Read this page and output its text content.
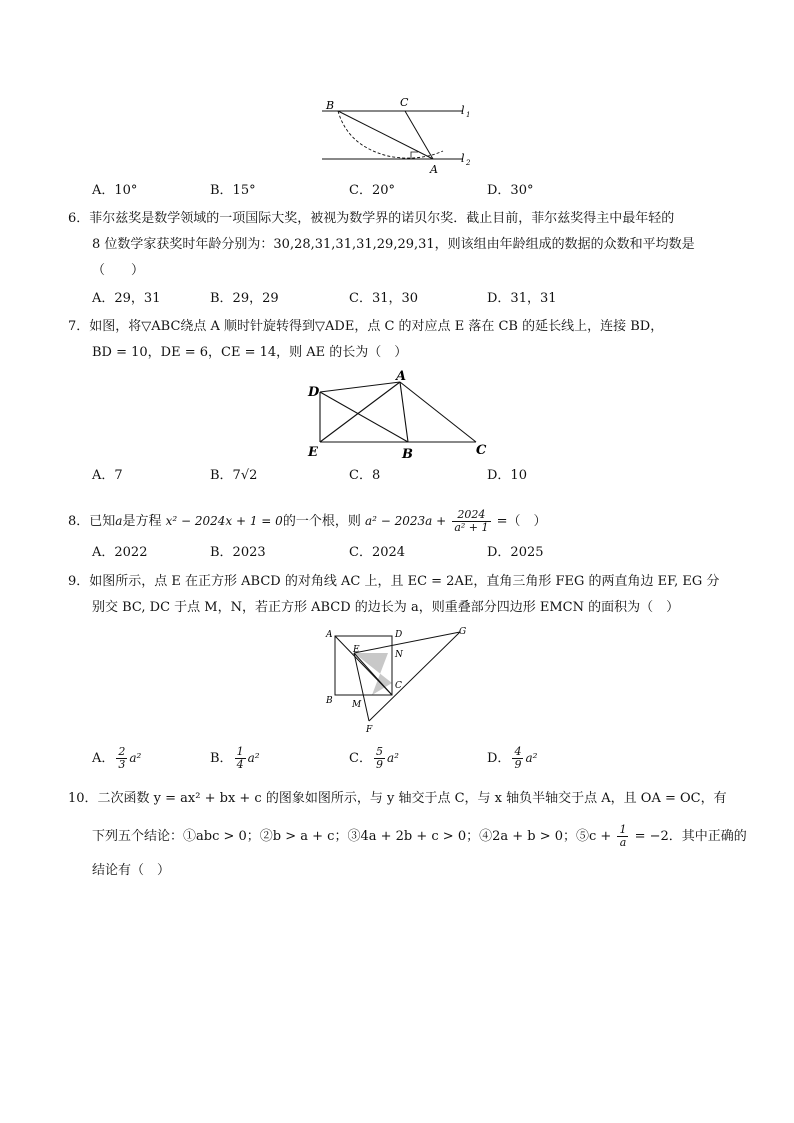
B	C
A
l 1
l 2
A．10°	B．15°	C．20°	D．30°
6．菲尔兹奖是数学领域的一项国际大奖，被视为数学界的诺贝尔奖．截止目前，菲尔兹奖得主中最年轻的
8 位数学家获奖时年龄分别为：30,28,31,31,31,29,29,31，则该组由年龄组成的数据的众数和平均数是
（　　）
A．29，31	B．29，29	C．31，30	D．31，31
7．如图，将▽ABC绕点 A 顺时针旋转得到▽ADE，点 C 的对应点 E 落在 CB 的延长线上，连接 BD，
BD = 10，DE = 6，CE = 14，则 AE 的长为（　）
D
A
E	B	C
A．7	B．7√2	C．8	D．10
8．已知a是方程 x² − 2024x + 1 = 0的一个根，则 $a^2 - 2023a + \frac{2024}{\text{a² + 1}}$ =（　）
A．2022	B．2023	C．2024	D．2025
9．如图所示，点 E 在正方形 ABCD 的对角线 AC 上，且 EC = 2AE，直角三角形 FEG 的两直角边 EF, EG 分
别交 BC, DC 于点 M，N，若正方形 ABCD 的边长为 a，则重叠部分四边形 EMCN 的面积为（　）
A	D	G
E	N
C
B M
F
A． $\frac{2}{3} a^2$	B． $\frac{1}{4} a^2$	C． $\frac{5}{9} a^2$	D． $\frac{4}{9} a^2$
10．二次函数 y = ax² + bx + c 的图象如图所示，与 y 轴交于点 C，与 x 轴负半轴交于点 A，且 OA = OC，有
下列五个结论：①abc > 0；②b > a + c；③4a + 2b + c > 0；④2a + b > 0；⑤c + $\frac{1}{a} = -2$．其中正确的
结论有（　）
